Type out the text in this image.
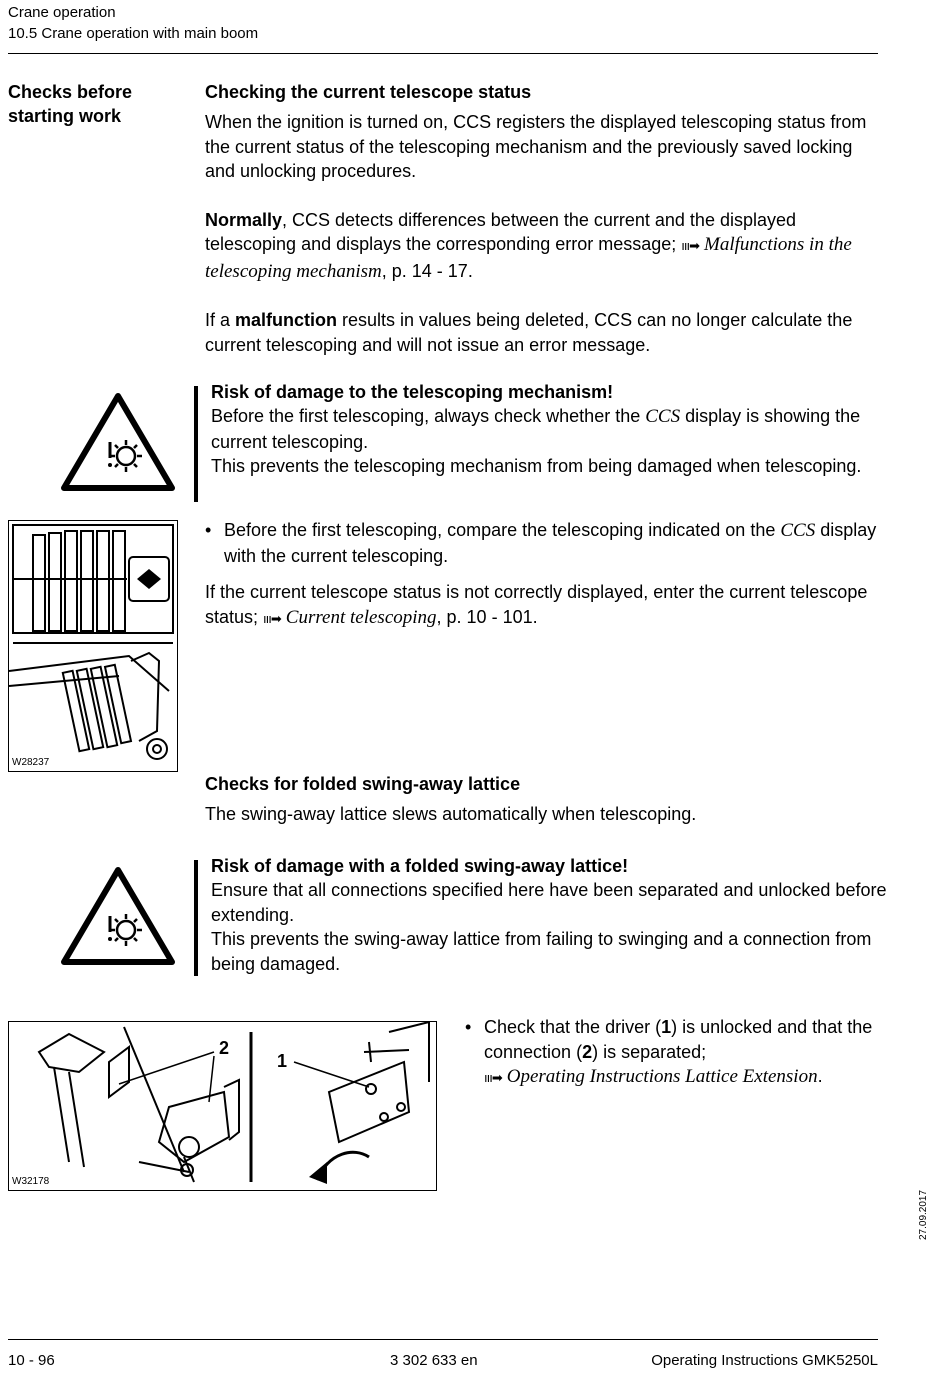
Crane operation
10.5 Crane operation with main boom
Checks before
starting work
Checking the current telescope status
When the ignition is turned on, CCS registers the displayed telescoping status from the current status of the telescoping mechanism and the previously saved locking and unlocking procedures.
Normally, CCS detects differences between the current and the displayed telescoping and displays the corresponding error message; ııı➡ Malfunctions in the telescoping mechanism, p. 14 - 17.
If a malfunction results in values being deleted, CCS can no longer calculate the current telescoping and will not issue an error message.
Risk of damage to the telescoping mechanism!
Before the first telescoping, always check whether the CCS display is showing the current telescoping.
This prevents the telescoping mechanism from being damaged when telescoping.
W28237
• Before the first telescoping, compare the telescoping indicated on the CCS display with the current telescoping.
If the current telescope status is not correctly displayed, enter the current telescope status; ııı➡ Current telescoping, p. 10 - 101.
Checks for folded swing-away lattice
The swing-away lattice slews automatically when telescoping.
Risk of damage with a folded swing-away lattice!
Ensure that all connections specified here have been separated and unlocked before extending.
This prevents the swing-away lattice from failing to swinging and a connection from being damaged.
2
1
W32178
• Check that the driver (1) is unlocked and that the connection (2) is separated;
ııı➡ Operating Instructions Lattice Extension.
27.09.2017
10 - 96	3 302 633 en	Operating Instructions GMK5250L
